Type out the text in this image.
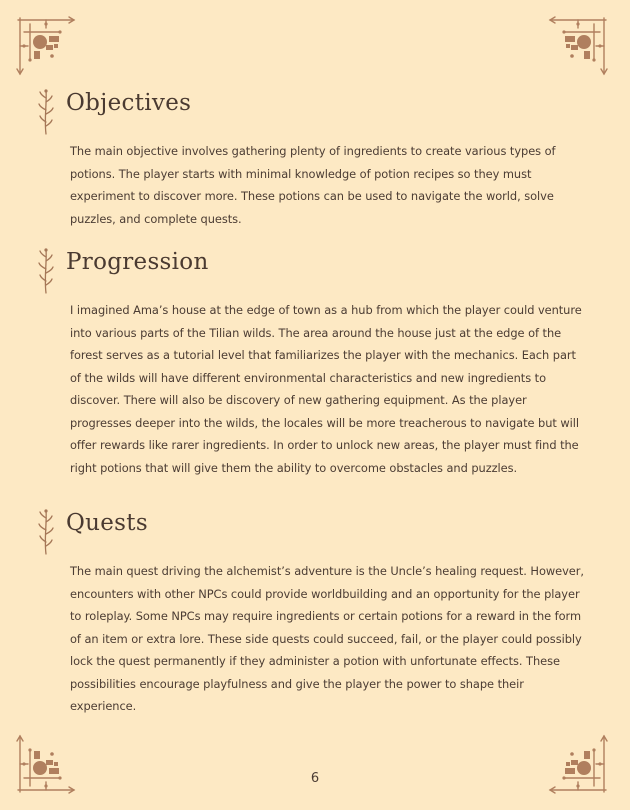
Objectives

The main objective involves gathering plenty of ingredients to create various types of potions. The player starts with minimal knowledge of potion recipes so they must experiment to discover more. These potions can be used to navigate the world, solve puzzles, and complete quests.

Progression

I imagined Ama’s house at the edge of town as a hub from which the player could venture into various parts of the Tilian wilds. The area around the house just at the edge of the forest serves as a tutorial level that familiarizes the player with the mechanics. Each part of the wilds will have different environmental characteristics and new ingredients to discover. There will also be discovery of new gathering equipment. As the player progresses deeper into the wilds, the locales will be more treacherous to navigate but will offer rewards like rarer ingredients. In order to unlock new areas, the player must find the right potions that will give them the ability to overcome obstacles and puzzles.

Quests

The main quest driving the alchemist’s adventure is the Uncle’s healing request. However, encounters with other NPCs could provide worldbuilding and an opportunity for the player to roleplay. Some NPCs may require ingredients or certain potions for a reward in the form of an item or extra lore. These side quests could succeed, fail, or the player could possibly lock the quest permanently if they administer a potion with unfortunate effects. These possibilities encourage playfulness and give the player the power to shape their experience.

6
